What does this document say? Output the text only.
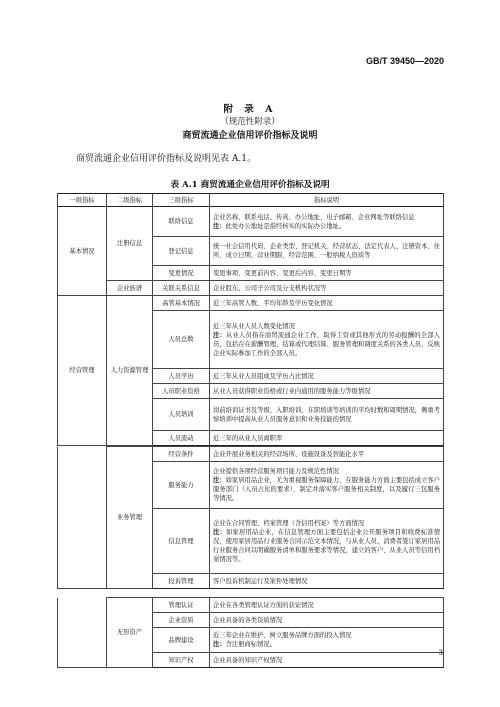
GB/T 39450—2020
附 录 A
（规范性附录）
商贸流通企业信用评价指标及说明
商贸流通企业信用评价指标及说明见表 A.1。
表 A.1 商贸流通企业信用评价指标及说明
一级指标	二级指标	三级指标	指标说明
基本情况	注册信息	联络信息	企业名称、联系电话、传真、办公地址、电子邮箱、企业网址等联络信息
注：此处办公地址是指经核实的实际办公地址。
		登记信息	统一社会信用代码、企业类型、登记机关、经营状态、法定代表人、注册资本、住所、成立日期、营业期限、经营范围、一般纳税人资质等
		变更情况	变更事项、变更前内容、变更后内容、变更日期等
	企业族谱	关联关系信息	企业股东、公司子公司及分支机构状况等
经营管理	人力资源管理	高管基本情况	近三年高管人数、平均年龄及学历变化情况
		人员总数	近三年从业人员人数变化情况
注：从业人员指在商贸流通企业工作，取得工资或其他形式的劳动报酬的全部人员，包括在在薪酬管理、结算或代理结算、服务管理和调度关系的各类人员，反映企业实际参加工作的全部人员。
		人员学历	近三年从业人员组成及学历占比情况
		人员职业资格	从业人员获得职业资格或行业内通用的服务能力等级情况
		人员培训	岗前培训证书及等级、入职培训、在职培训等培训的平均时数和周期情况，侧重考察培训中提高从业人员服务意识和业务技能的情况
		人员流动	近三年的从业人员离职率
	业务管理	经营条件	企业开展业务相关的经营场所、设施设备及智能化水平
		服务能力	企业提供各项经营服务项目能力及规范性情况
注：如家居用品企业，尤为重视服务保障能力，在服务能力方面主要包括成立客户服务部门（人员占比的要求），制定并落实客户服务相关制度，以及履行三包服务等情况。
		信息管理	企业在合同管理、档案管理（含信用档案）等方面情况
注：如家居用品企业，在信息管理方面主要包括企业公开服务项目和收费标准情况，使用家居用品行业服务合同示范文本情况，与从业人员、消费者签订家居用品行业服务合同以明确服务清单和服务要求等情况，建立的客户、从业人员等信用档案情况等。
		投诉管理	客户投诉机制运行及案件处理情况
	无形资产	管理认证	企业在各类管理认证方面的获证情况
		企业资质	企业具备的各类资质情况
		品牌建设	近三年企业在维护、树立服务品牌方面的投入情况
注：含注册商标情况。
		知识产权	企业具备的知识产权情况
3
